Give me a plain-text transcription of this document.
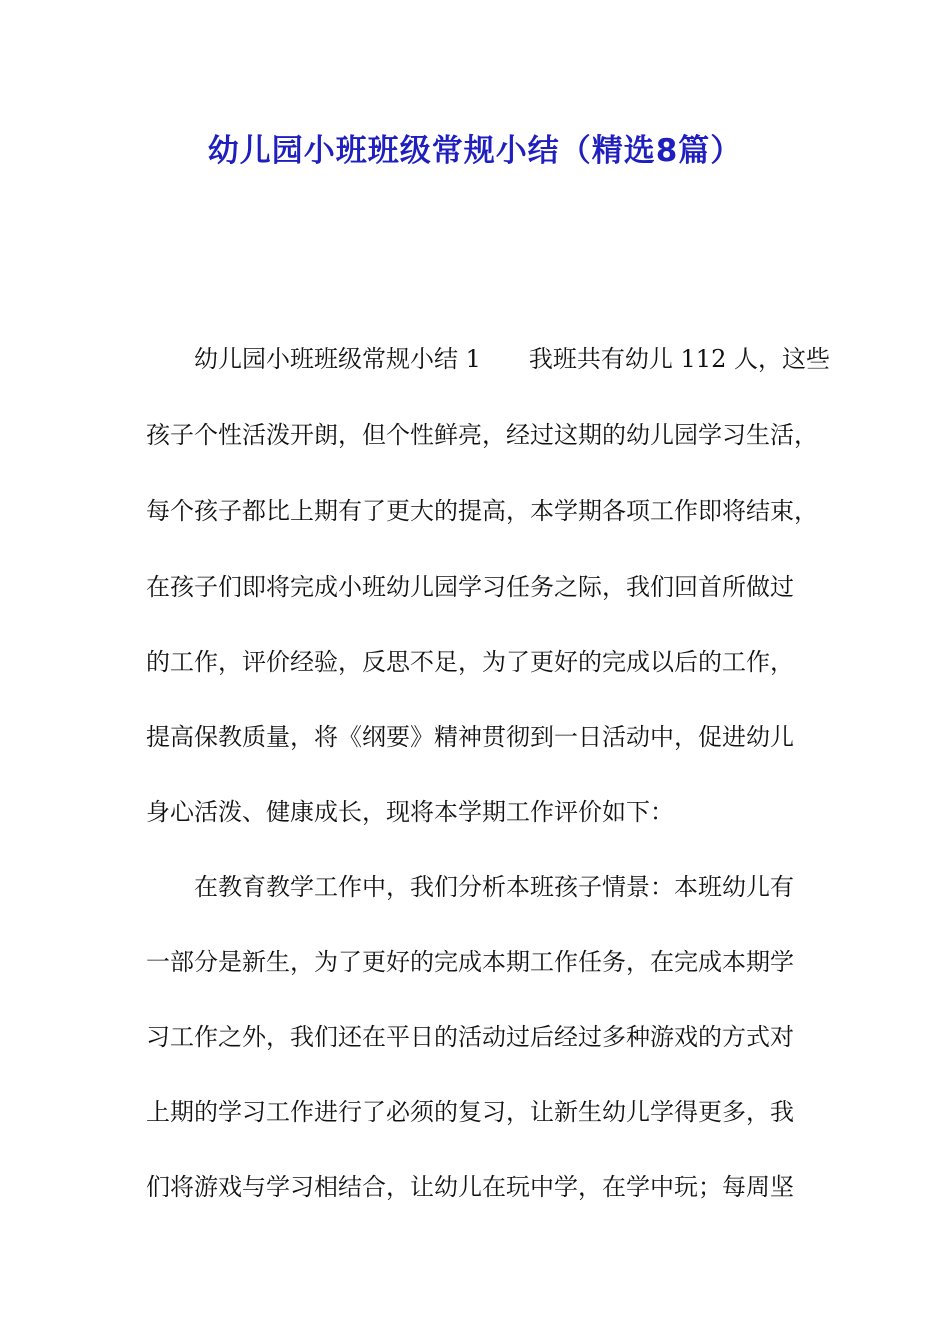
幼儿园小班班级常规小结（精选8篇）
幼儿园小班班级常规小结 1　　我班共有幼儿 112 人，这些
孩子个性活泼开朗，但个性鲜亮，经过这期的幼儿园学习生活，
每个孩子都比上期有了更大的提高，本学期各项工作即将结束，
在孩子们即将完成小班幼儿园学习任务之际，我们回首所做过
的工作，评价经验，反思不足，为了更好的完成以后的工作，
提高保教质量，将《纲要》精神贯彻到一日活动中，促进幼儿
身心活泼、健康成长，现将本学期工作评价如下：
在教育教学工作中，我们分析本班孩子情景：本班幼儿有
一部分是新生，为了更好的完成本期工作任务，在完成本期学
习工作之外，我们还在平日的活动过后经过多种游戏的方式对
上期的学习工作进行了必须的复习，让新生幼儿学得更多，我
们将游戏与学习相结合，让幼儿在玩中学，在学中玩；每周坚
